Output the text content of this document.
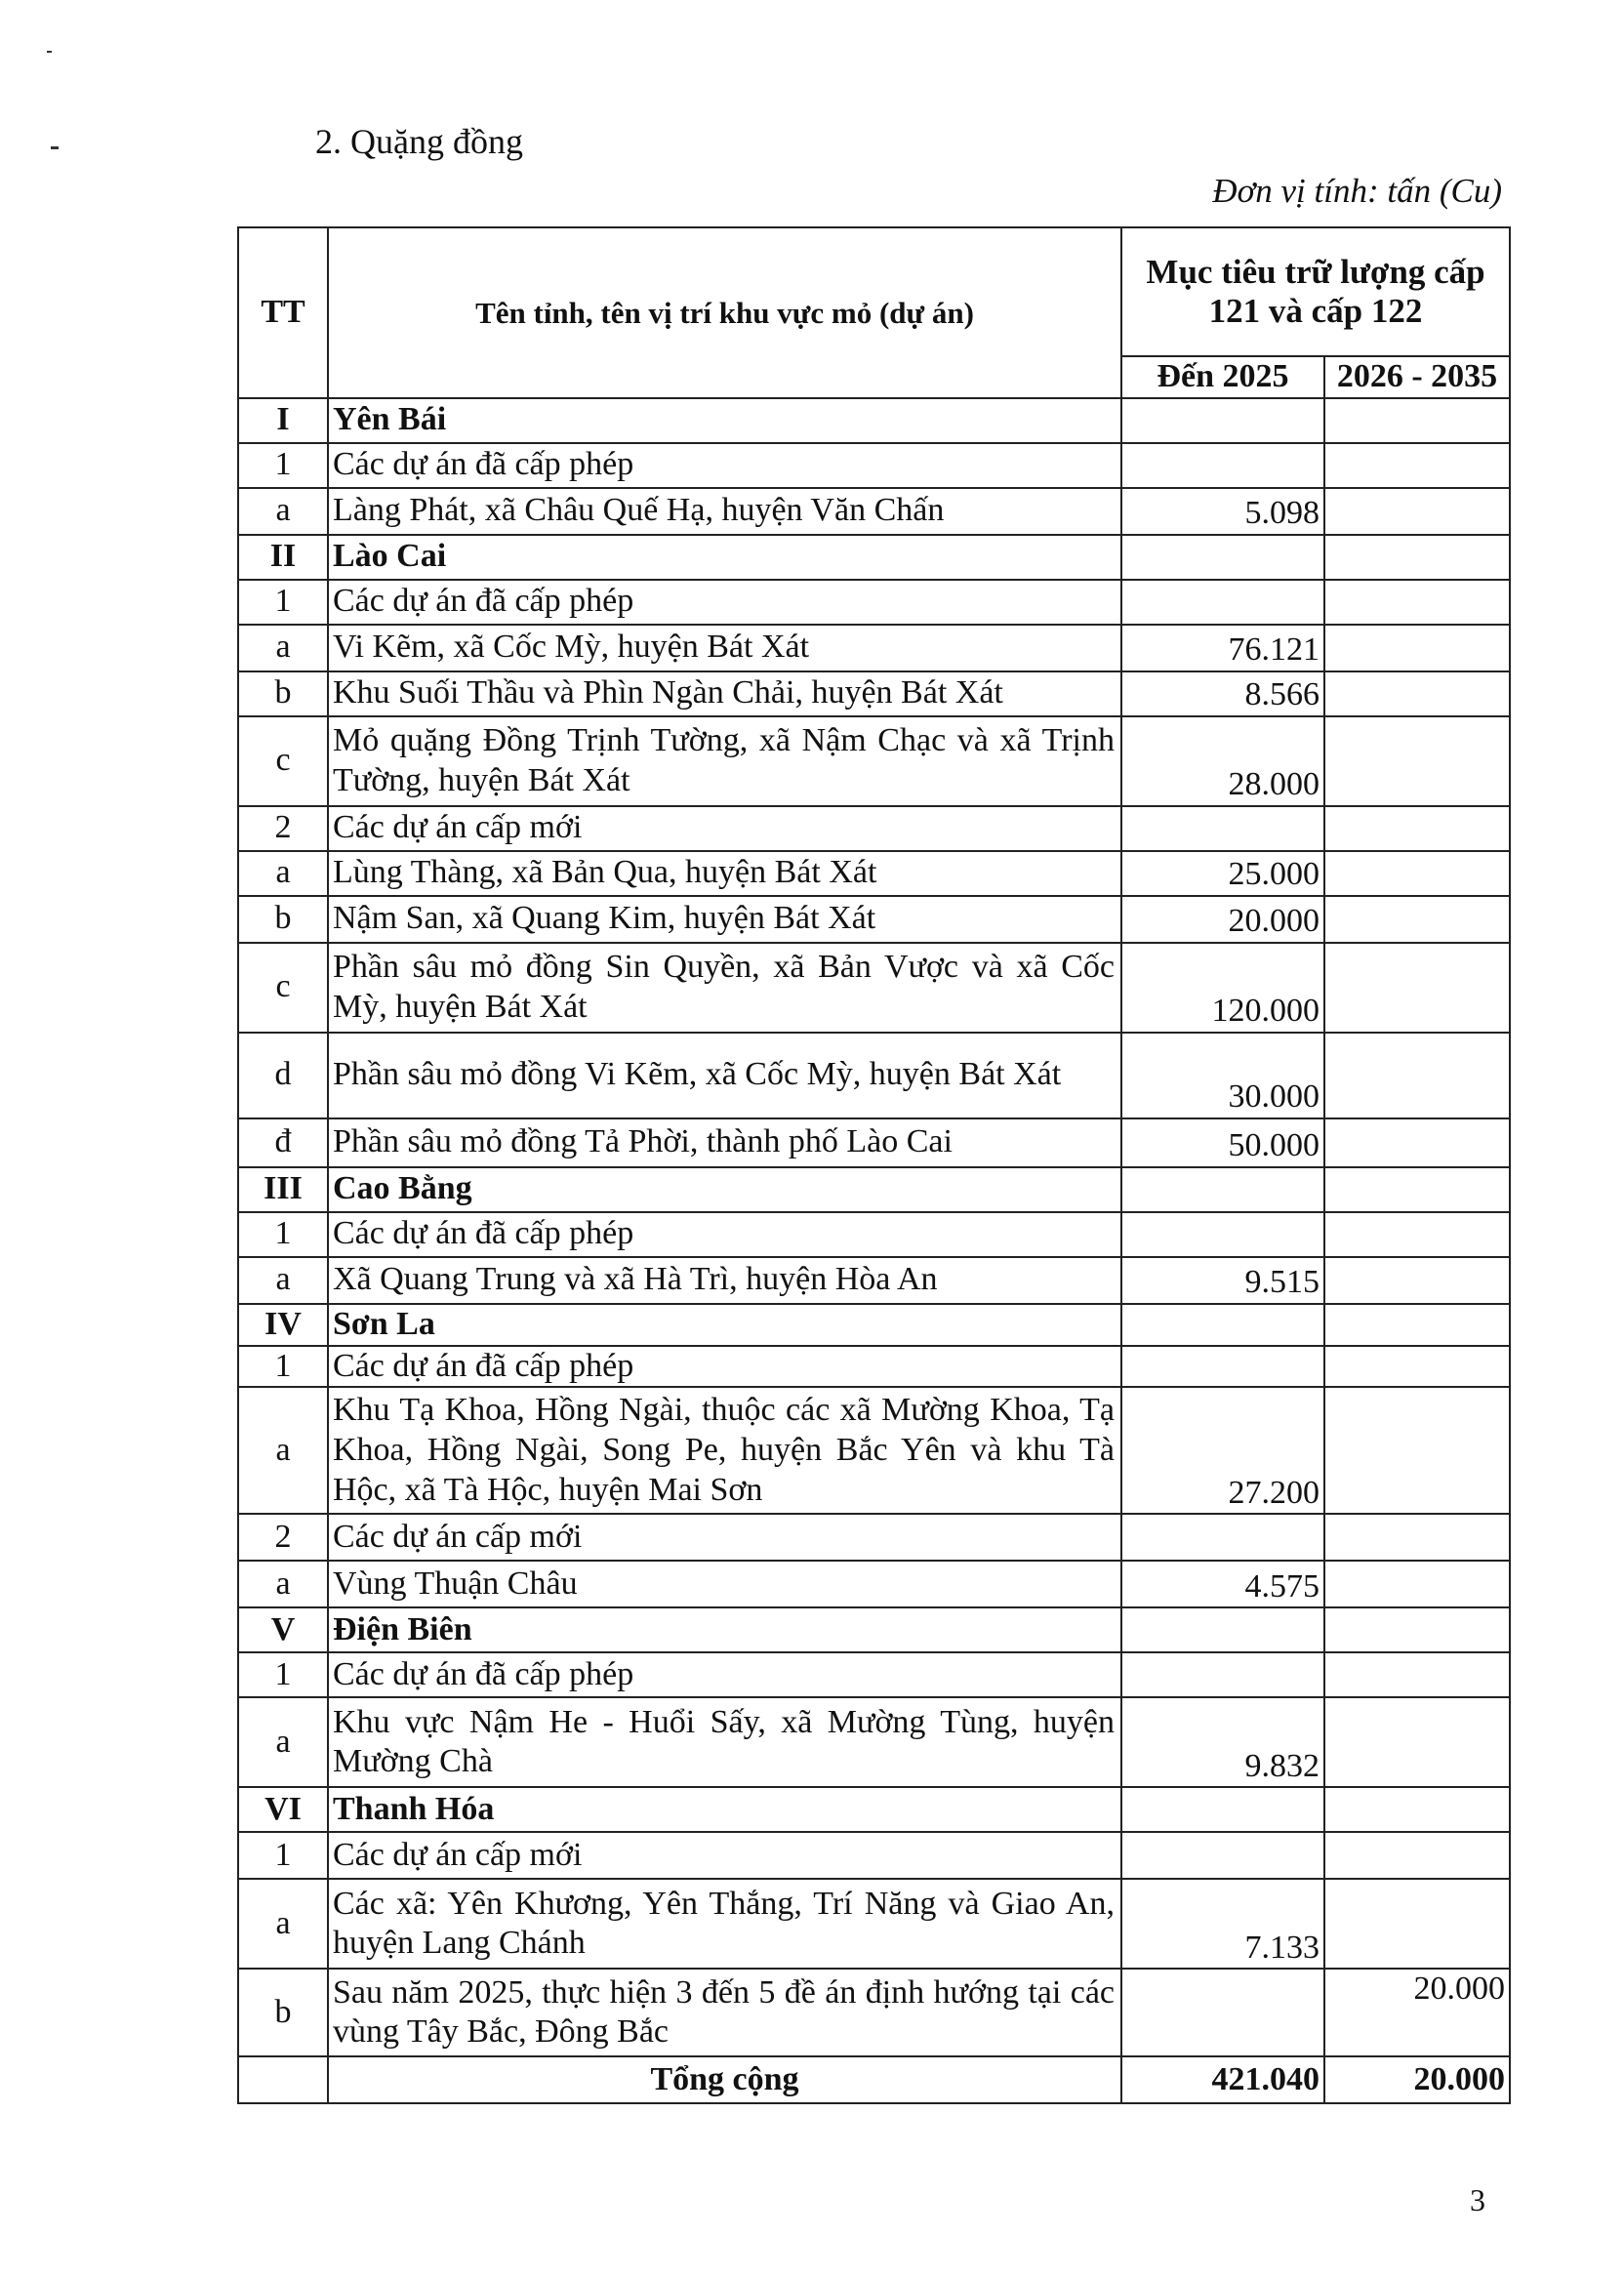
2. Quặng đồng
Đơn vị tính: tấn (Cu)
TT	Tên tỉnh, tên vị trí khu vực mỏ (dự án)	Mục tiêu trữ lượng cấp 121 và cấp 122	
		Đến 2025	2026 - 2035
I	Yên Bái		
1	Các dự án đã cấp phép		
a	Làng Phát, xã Châu Quế Hạ, huyện Văn Chấn	5.098	
II	Lào Cai		
1	Các dự án đã cấp phép		
a	Vi Kẽm, xã Cốc Mỳ, huyện Bát Xát	76.121	
b	Khu Suối Thầu và Phìn Ngàn Chải, huyện Bát Xát	8.566	
c	Mỏ quặng Đồng Trịnh Tường, xã Nậm Chạc và xã Trịnh Tường, huyện Bát Xát	28.000	
2	Các dự án cấp mới		
a	Lùng Thàng, xã Bản Qua, huyện Bát Xát	25.000	
b	Nậm San, xã Quang Kim, huyện Bát Xát	20.000	
c	Phần sâu mỏ đồng Sin Quyền, xã Bản Vược và xã Cốc Mỳ, huyện Bát Xát	120.000	
d	Phần sâu mỏ đồng Vi Kẽm, xã Cốc Mỳ, huyện Bát Xát	30.000	
đ	Phần sâu mỏ đồng Tả Phời, thành phố Lào Cai	50.000	
III	Cao Bằng		
1	Các dự án đã cấp phép		
a	Xã Quang Trung và xã Hà Trì, huyện Hòa An	9.515	
IV	Sơn La		
1	Các dự án đã cấp phép		
a	Khu Tạ Khoa, Hồng Ngài, thuộc các xã Mường Khoa, Tạ Khoa, Hồng Ngài, Song Pe, huyện Bắc Yên và khu Tà Hộc, xã Tà Hộc, huyện Mai Sơn	27.200	
2	Các dự án cấp mới		
a	Vùng Thuận Châu	4.575	
V	Điện Biên		
1	Các dự án đã cấp phép		
a	Khu vực Nậm He - Huổi Sấy, xã Mường Tùng, huyện Mường Chà	9.832	
VI	Thanh Hóa		
1	Các dự án cấp mới		
a	Các xã: Yên Khương, Yên Thắng, Trí Năng và Giao An, huyện Lang Chánh	7.133	
b	Sau năm 2025, thực hiện 3 đến 5 đề án định hướng tại các vùng Tây Bắc, Đông Bắc		20.000
	Tổng cộng	421.040	20.000
3
